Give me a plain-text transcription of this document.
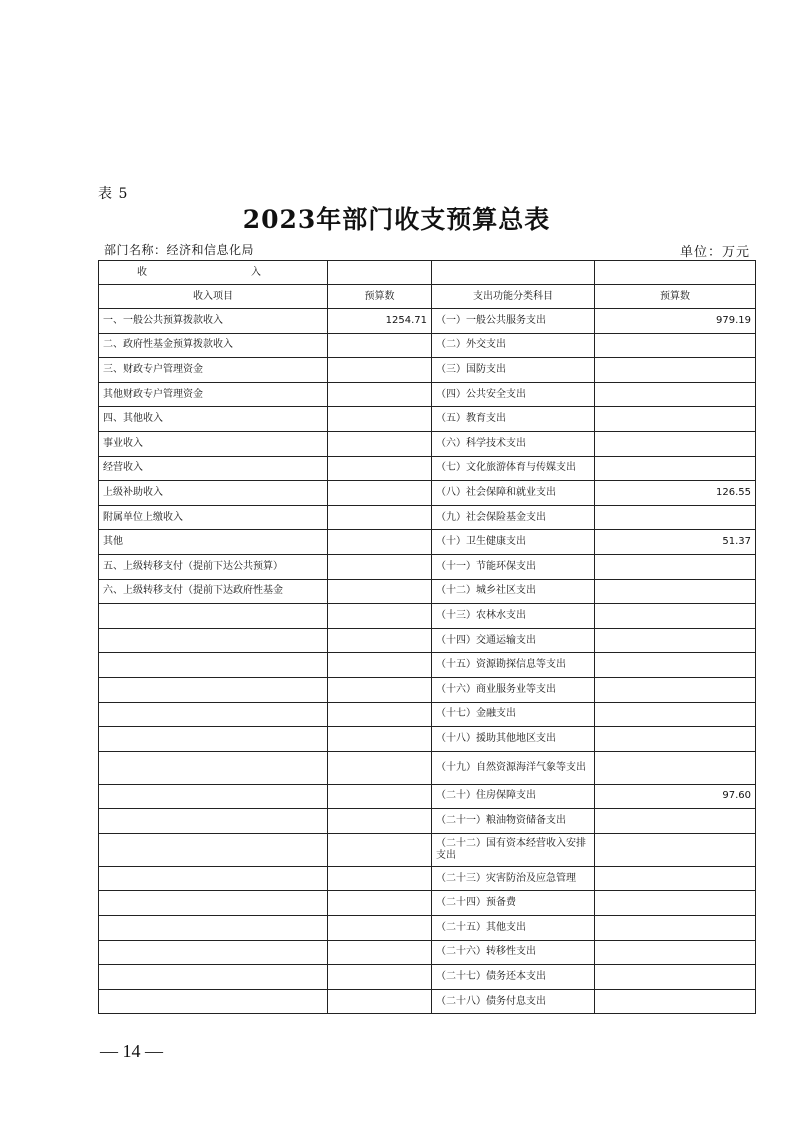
表 5
2023年部门收支预算总表
部门名称：经济和信息化局	单位：万元
收　　入			
收入项目	预算数	支出功能分类科目	预算数
一、一般公共预算拨款收入	1254.71	（一）一般公共服务支出	979.19
二、政府性基金预算拨款收入		（二）外交支出	
三、财政专户管理资金		（三）国防支出	
其他财政专户管理资金		（四）公共安全支出	
四、其他收入		（五）教育支出	
事业收入		（六）科学技术支出	
经营收入		（七）文化旅游体育与传媒支出	
上级补助收入		（八）社会保障和就业支出	126.55
附属单位上缴收入		（九）社会保险基金支出	
其他		（十）卫生健康支出	51.37
五、上级转移支付（提前下达公共预算）		（十一）节能环保支出	
六、上级转移支付（提前下达政府性基金		（十二）城乡社区支出	
		（十三）农林水支出	
		（十四）交通运输支出	
		（十五）资源勘探信息等支出	
		（十六）商业服务业等支出	
		（十七）金融支出	
		（十八）援助其他地区支出	
		（十九）自然资源海洋气象等支出	
		（二十）住房保障支出	97.60
		（二十一）粮油物资储备支出	
		（二十二）国有资本经营收入安排支出	
		（二十三）灾害防治及应急管理	
		（二十四）预备费	
		（二十五）其他支出	
		（二十六）转移性支出	
		（二十七）债务还本支出	
		（二十八）债务付息支出	
— 14 —
